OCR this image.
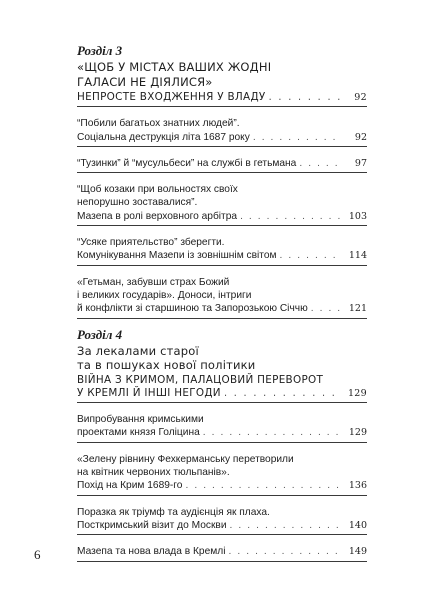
Розділ 3

«ЩОБ У МІСТАХ ВАШИХ ЖОДНІ

ГАЛАСИ НЕ ДІЯЛИСЯ»

НЕПРОСТЕ ВХОДЖЕННЯ У ВЛАДУ . . .	92
“Побили багатьох знатних людей”.
Соціальна деструкція літа 1687 року . . .	92
“Тузинки” й “мусульбеси” на службі в гетьмана . . .	97
“Щоб козаки при вольностях своїх
непорушно зоставалися”.
Мазепа в ролі верховного арбітра . . .	103
“Усяке приятельство” зберегти.
Комунікування Мазепи із зовнішнім світом . . .	114
«Гетьман, забувши страх Божий
і великих государів». Доноси, інтриги
й конфлікти зі старшиною та Запорозькою Січчю . . .	121

Розділ 4

За лекалами старої

та в пошуках нової політики

ВІЙНА З КРИМОМ, ПАЛАЦОВИЙ ПЕРЕВОРОТ
У КРЕМЛІ Й ІНШІ НЕГОДИ . . .	129
Випробування кримськими
проектами князя Голіцина . . .	129
«Зелену рівнину Фехкерманську перетворили
на квітник червоних тюльпанів».
Похід на Крим 1689-го . . .	136
Поразка як тріумф та аудієнція як плаха.
Посткримський візит до Москви . . .	140
Мазепа та нова влада в Кремлі . . .	149
6
